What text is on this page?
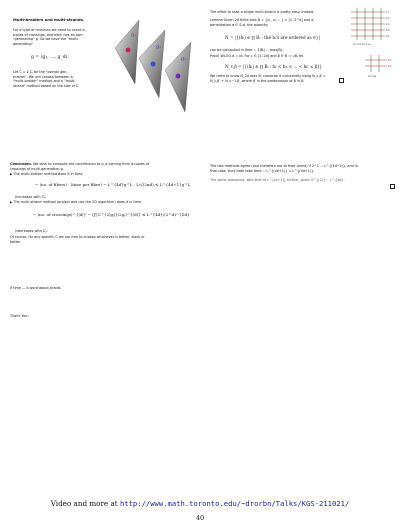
Multi-braiders and multi-strands.
For a type of musician we need to count d-
tuples of crossings, and each has its own
"generating" g. So we have the "multi-
generating"
g = (g₁, ..., g_d).
Let C = Σ Cⱼ be the "overall gen-
eration". We will choose between a
"multi-braider" method and a "multi-
strand" method based on the size of C.
g₁
g₂
g₃
The effort to take a single multi-strand is pretty easy. Indeed,
Lemma Given 2d finite sets B = {v₁, v₂, ...} ⊂ [1..S^d] and a
permutation σ ∈ S₂d, the quantity
N = |{(hᵢ) ∈ ∏ Bᵢ : the hᵢ's are ordered as σ}|
can be computed in time ∼ Σ|Bᵢ| ∼ max|Bᵢ|.
Proof. WLOG σ = Id. For c ∈ [1..2d] and β ∈ B = ∪Bᵢ let
N_c,β = |{(hᵢ) ∈ ∏ Bᵢ : h₁ < h₂ < ... < hc ≤ β}|.
We need to know N_2d,max B; compute it inductively using N_c,β =
N_c,β′ + N_c−1,β, where β′ is the predecessor of β in B.
v₁₁
v₁₂
v₁₃
v₁₄
v₁₅
v₁₁ v₁₂ v₁₃ v₁₄
v₂₁
v₂₂
v₂₃ v₂₄
Conclusion. We wish to compute the contribution to ρ_d coming from d-tuples of
crossings of multi-generation g.
▶ The multi-braider method does it in time
∼ (no. of fibers) · (time per fibre) ∼ L^{4d}g^L · L/√(2πd) ≤ L^{4d+1}g^L
(increases with C).
▶ The multi-strand method (project and use the 2D algorithm) does it in time
∼ (no. of crossings)^{|d|} ∼ (∏ L^{2|gᵢ|}/2gᵢ)^{(d)} ≤ L^{4d}/(2^d)^{Σd}
(decreases with C).
Of course, for any specific C we are free to choose whichever is better, slash or
better.
The two methods agree (and therefore are at their worst) if 2^C ∼ L^{(4d−1)}, and in
that case, they both take time ∼ L^{(4d+1)} = L^{(4d+1)}.
The same reasoning, with that of L^{(d+1)} further, gives V^{(2)} ∼ L^{4d}.
If time — a word about braids.
Thank You!
Video and more at http://www.math.toronto.edu/~drorbn/Talks/KGS-211021/
40
